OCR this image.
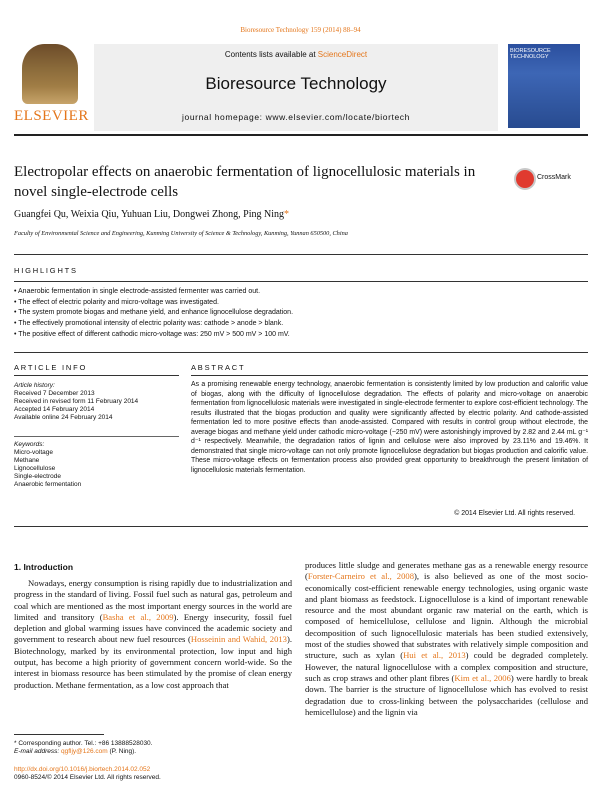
Bioresource Technology 159 (2014) 88–94
ELSEVIER
Contents lists available at ScienceDirect
Bioresource Technology
journal homepage: www.elsevier.com/locate/biortech
BIORESOURCE TECHNOLOGY
Electropolar effects on anaerobic fermentation of lignocellulosic materials in novel single-electrode cells
CrossMark
Guangfei Qu, Weixia Qiu, Yuhuan Liu, Dongwei Zhong, Ping Ning*
Faculty of Environmental Science and Engineering, Kunming University of Science & Technology, Kunming, Yunnan 650500, China
HIGHLIGHTS
• Anaerobic fermentation in single electrode-assisted fermenter was carried out.
• The effect of electric polarity and micro-voltage was investigated.
• The system promote biogas and methane yield, and enhance lignocellulose degradation.
• The effectively promotional intensity of electric polarity was: cathode > anode > blank.
• The positive effect of different cathodic micro-voltage was: 250 mV > 500 mV > 100 mV.
ARTICLE INFO	ABSTRACT
Article history:
Received 7 December 2013
Received in revised form 11 February 2014
Accepted 14 February 2014
Available online 24 February 2014
Keywords:
Micro-voltage
Methane
Lignocellulose
Single-electrode
Anaerobic fermentation
As a promising renewable energy technology, anaerobic fermentation is consistently limited by low production and calorific value of biogas, along with the difficulty of lignocellulose degradation. The effects of polarity and micro-voltage on anaerobic fermentation from lignocellulosic materials were investigated in single-electrode fermenter to explore cost-efficient technology. The results illustrated that the biogas production and quality were significantly affected by electric polarity. And cathode-assisted fermentation led to more positive effects than anode-assisted. Compared with results in control group without electrode, the average biogas and methane yield under cathodic micro-voltage (−250 mV) were astonishingly improved by 2.82 and 2.44 mL g⁻¹ d⁻¹ respectively. Meanwhile, the degradation ratios of lignin and cellulose were also improved by 23.11% and 19.46%. It demonstrated that single micro-voltage can not only promote lignocellulose degradation but biogas production and calorific value. These micro-voltage effects on fermentation process also provided great opportunity to breakthrough the present limitation of lignocellulosic materials fermentation.
© 2014 Elsevier Ltd. All rights reserved.
1. Introduction
Nowadays, energy consumption is rising rapidly due to industrialization and progress in the standard of living. Fossil fuel such as natural gas, petroleum and coal which are mentioned as the most important energy sources in the world are limited and transitory (Basha et al., 2009). Energy insecurity, fossil fuel depletion and global warming issues have convinced the academic society and government to research about new fuel resources (Hosseinin and Wahid, 2013). Biotechnology, marked by its environmental protection, low input and high output, has become a high priority of government concern world-wide. So the interest in biomass resource has been stimulated by the promise of clean energy production. Methane fermentation, as a low cost approach that
produces little sludge and generates methane gas as a renewable energy resource (Forster-Carneiro et al., 2008), is also believed as one of the most socio-economically cost-efficient renewable energy technologies, using organic waste and plant biomass as feedstock. Lignocellulose is a kind of important renewable resource and the most abundant organic raw material on the earth, which is composed of hemicellulose, cellulose and lignin. Although the microbial decomposition of such lignocellulosic materials has been studied extensively, most of the studies showed that substrates with relatively simple composition and structure, such as xylan (Hui et al., 2013) could be degraded completely. However, the natural lignocellulose with a complex composition and structure, such as crop straws and other plant fibres (Kim et al., 2006) were hardly to break down. The barrier is the structure of lignocellulose which has evolved to resist degradation due to cross-linking between the polysaccharides (cellulose and hemicellulose) and the lignin via
* Corresponding author. Tel.: +86 13888528030.
E-mail address: qgfljy@126.com (P. Ning).
http://dx.doi.org/10.1016/j.biortech.2014.02.052
0960-8524/© 2014 Elsevier Ltd. All rights reserved.
